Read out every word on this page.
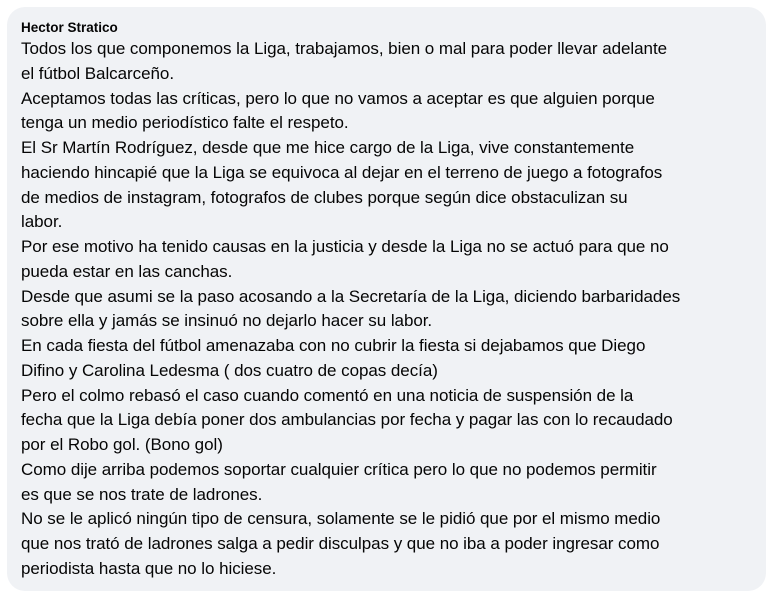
Hector Stratico
Todos los que componemos la Liga, trabajamos, bien o mal para poder llevar adelante
el fútbol Balcarceño.
Aceptamos todas las críticas, pero lo que no vamos a aceptar es que alguien porque
tenga un medio periodístico falte el respeto.
El Sr Martín Rodríguez, desde que me hice cargo de la Liga, vive constantemente
haciendo hincapié que la Liga se equivoca al dejar en el terreno de juego a fotografos
de medios de instagram, fotografos de clubes porque según dice obstaculizan su
labor.
Por ese motivo ha tenido causas en la justicia y desde la Liga no se actuó para que no
pueda estar en las canchas.
Desde que asumi se la paso acosando a la Secretaría de la Liga, diciendo barbaridades
sobre ella y jamás se insinuó no dejarlo hacer su labor.
En cada fiesta del fútbol amenazaba con no cubrir la fiesta si dejabamos que Diego
Difino y Carolina Ledesma ( dos cuatro de copas decía)
Pero el colmo rebasó el caso cuando comentó en una noticia de suspensión de la
fecha que la Liga debía poner dos ambulancias por fecha y pagar las con lo recaudado
por el Robo gol. (Bono gol)
Como dije arriba podemos soportar cualquier crítica pero lo que no podemos permitir
es que se nos trate de ladrones.
No se le aplicó ningún tipo de censura, solamente se le pidió que por el mismo medio
que nos trató de ladrones salga a pedir disculpas y que no iba a poder ingresar como
periodista hasta que no lo hiciese.
